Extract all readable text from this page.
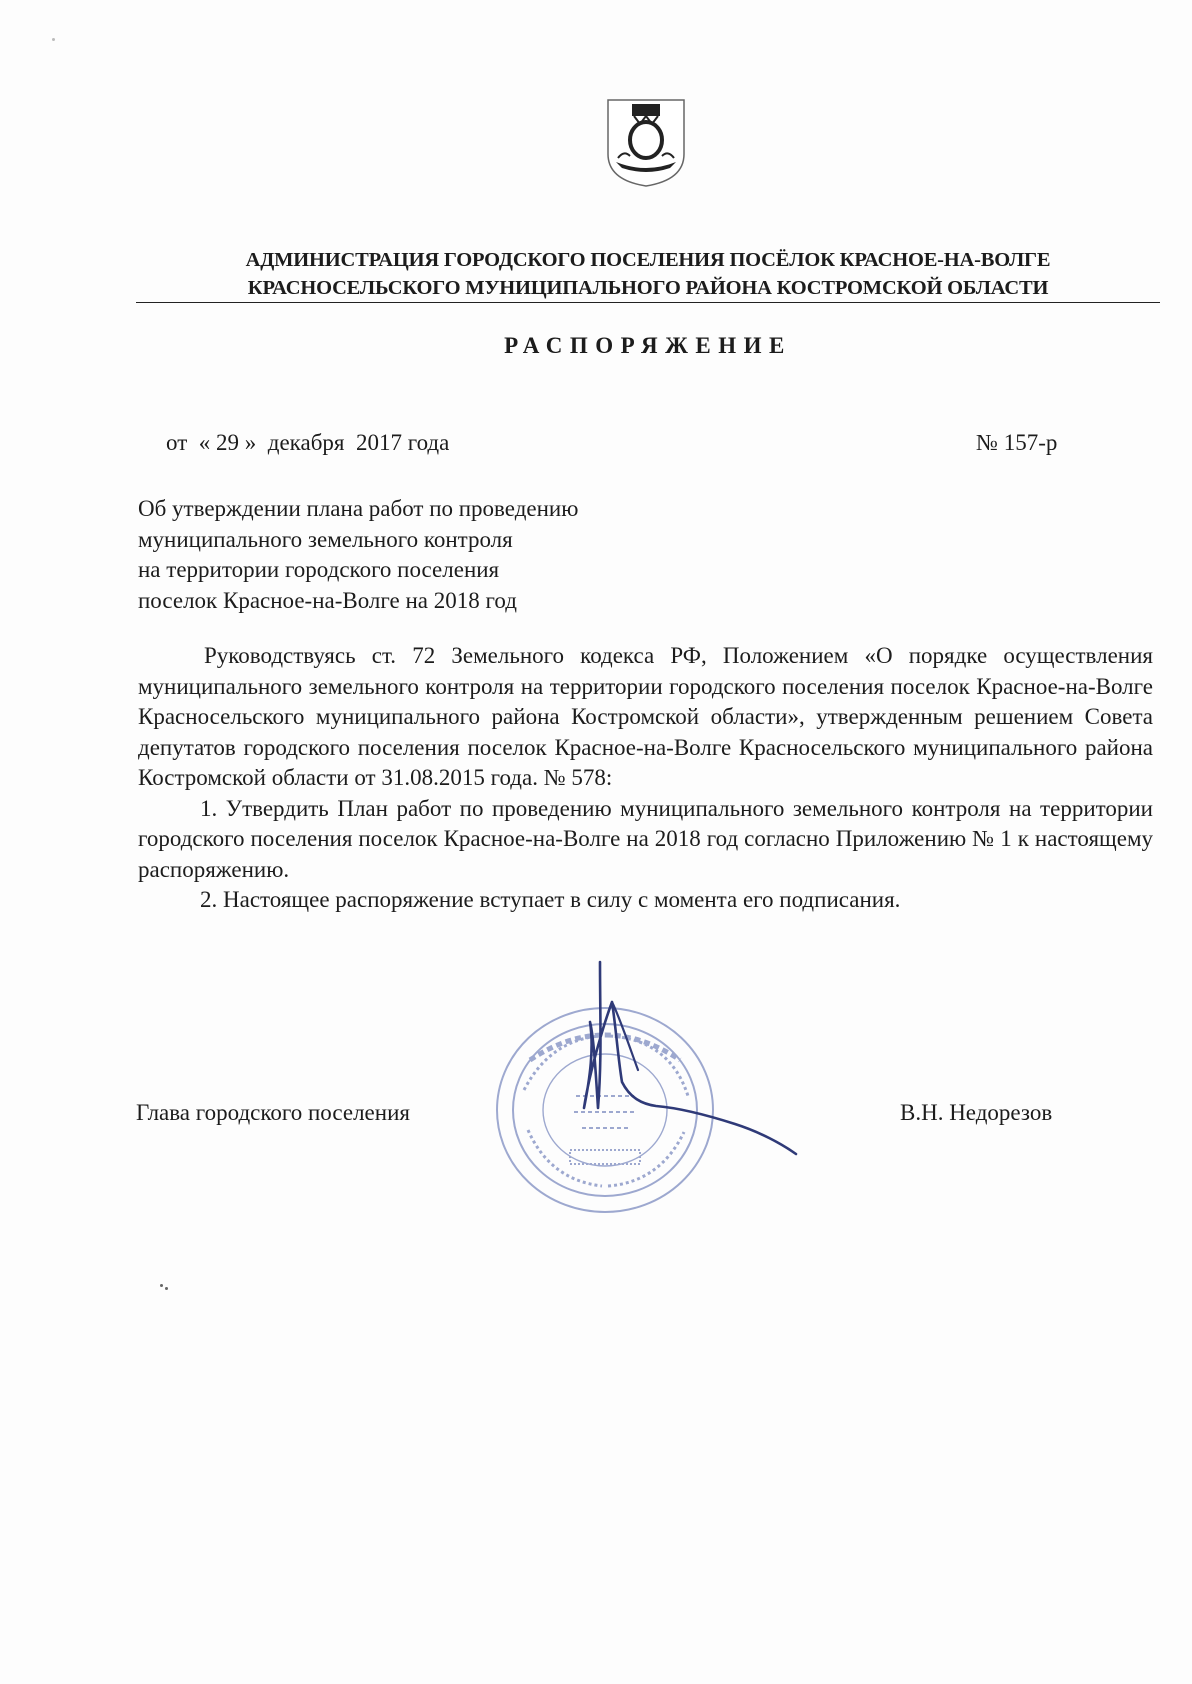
АДМИНИСТРАЦИЯ ГОРОДСКОГО ПОСЕЛЕНИЯ ПОСЁЛОК КРАСНОЕ-НА-ВОЛГЕ
КРАСНОСЕЛЬСКОГО МУНИЦИПАЛЬНОГО РАЙОНА КОСТРОМСКОЙ ОБЛАСТИ
РАСПОРЯЖЕНИЕ
от  « 29 »  декабря  2017 года	№ 157-р
Об утверждении плана работ по проведению
муниципального земельного контроля
на территории городского поселения
поселок Красное-на-Волге на 2018 год

Руководствуясь ст. 72 Земельного кодекса РФ, Положением «О порядке осуществления муниципального земельного контроля на территории городского поселения поселок Красное-на-Волге Красносельского муниципального района Костромской области», утвержденным решением Совета депутатов городского поселения поселок Красное-на-Волге Красносельского муниципального района Костромской области от 31.08.2015 года. № 578:

1. Утвердить План работ по проведению муниципального земельного контроля на территории городского поселения поселок Красное-на-Волге на 2018 год согласно Приложению № 1 к настоящему распоряжению.

2. Настоящее распоряжение вступает в силу с момента его подписания.

Глава городского поселения	В.Н. Недорезов
